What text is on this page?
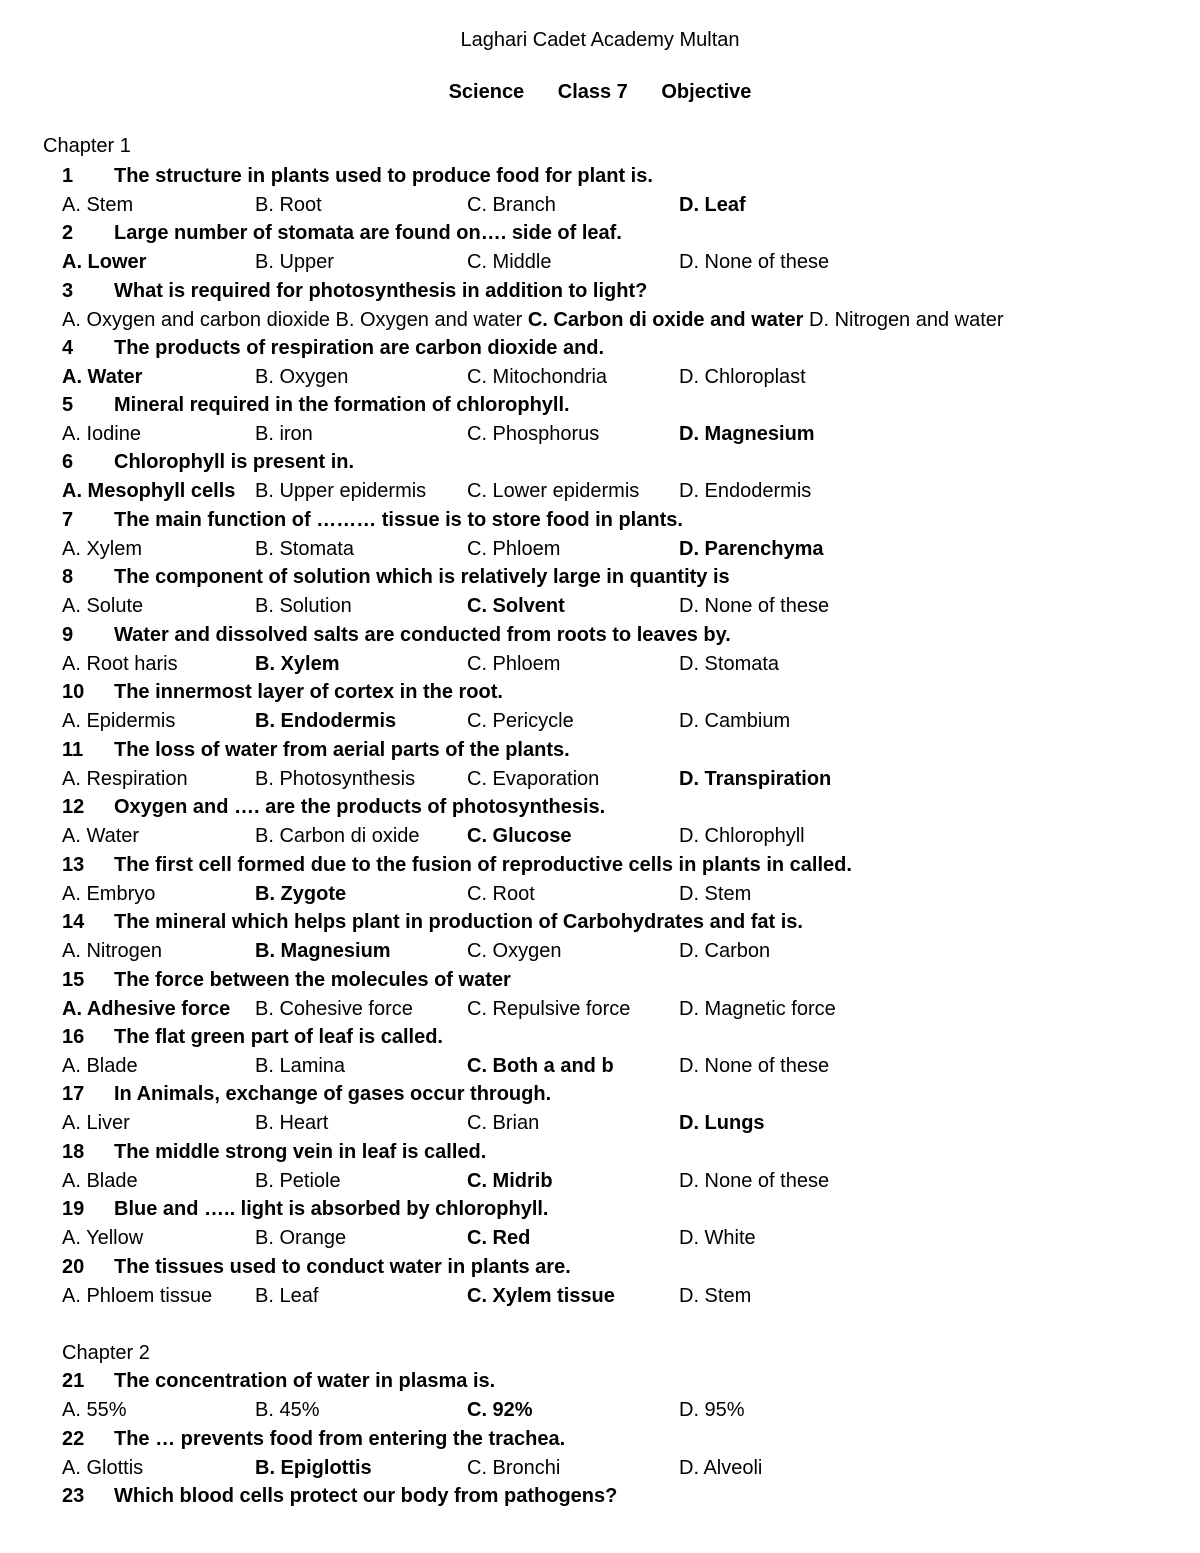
Laghari Cadet Academy Multan
Science Class 7 Objective
Chapter 1
1 The structure in plants used to produce food for plant is.
A. Stem	B. Root	C. Branch	D. Leaf
2 Large number of stomata are found on…. side of leaf.
A. Lower	B. Upper	C. Middle	D. None of these
3 What is required for photosynthesis in addition to light?
A. Oxygen and carbon dioxide B. Oxygen and water C. Carbon di oxide and water D. Nitrogen and water
4 The products of respiration are carbon dioxide and.
A. Water	B. Oxygen	C. Mitochondria	D. Chloroplast
5 Mineral required in the formation of chlorophyll.
A. Iodine	B. iron	C. Phosphorus	D. Magnesium
6 Chlorophyll is present in.
A. Mesophyll cells B. Upper epidermis C. Lower epidermis D. Endodermis
7 The main function of ……… tissue is to store food in plants.
A. Xylem	B. Stomata	C. Phloem	D. Parenchyma
8 The component of solution which is relatively large in quantity is
A. Solute	B. Solution	C. Solvent	D. None of these
9 Water and dissolved salts are conducted from roots to leaves by.
A. Root haris	B. Xylem	C. Phloem	D. Stomata
10 The innermost layer of cortex in the root.
A. Epidermis	B. Endodermis	C. Pericycle	D. Cambium
11 The loss of water from aerial parts of the plants.
A. Respiration	B. Photosynthesis	C. Evaporation	D. Transpiration
12 Oxygen and …. are the products of photosynthesis.
A. Water	B. Carbon di oxide C. Glucose	D. Chlorophyll
13 The first cell formed due to the fusion of reproductive cells in plants in called.
A. Embryo	B. Zygote	C. Root	D. Stem
14 The mineral which helps plant in production of Carbohydrates and fat is.
A. Nitrogen	B. Magnesium	C. Oxygen	D. Carbon
15 The force between the molecules of water
A. Adhesive force B. Cohesive force	C. Repulsive force D. Magnetic force
16 The flat green part of leaf is called.
A. Blade	B. Lamina	C. Both a and b	D. None of these
17 In Animals, exchange of gases occur through.
A. Liver	B. Heart	C. Brian	D. Lungs
18 The middle strong vein in leaf is called.
A. Blade	B. Petiole	C. Midrib	D. None of these
19 Blue and ….. light is absorbed by chlorophyll.
A. Yellow	B. Orange	C. Red	D. White
20 The tissues used to conduct water in plants are.
A. Phloem tissue B. Leaf	C. Xylem tissue	D. Stem
21 The concentration of water in plasma is.
A. 55%	B. 45%	C. 92%	D. 95%
22 The … prevents food from entering the trachea.
A. Glottis	B. Epiglottis	C. Bronchi	D. Alveoli
23 Which blood cells protect our body from pathogens?
Chapter 2
